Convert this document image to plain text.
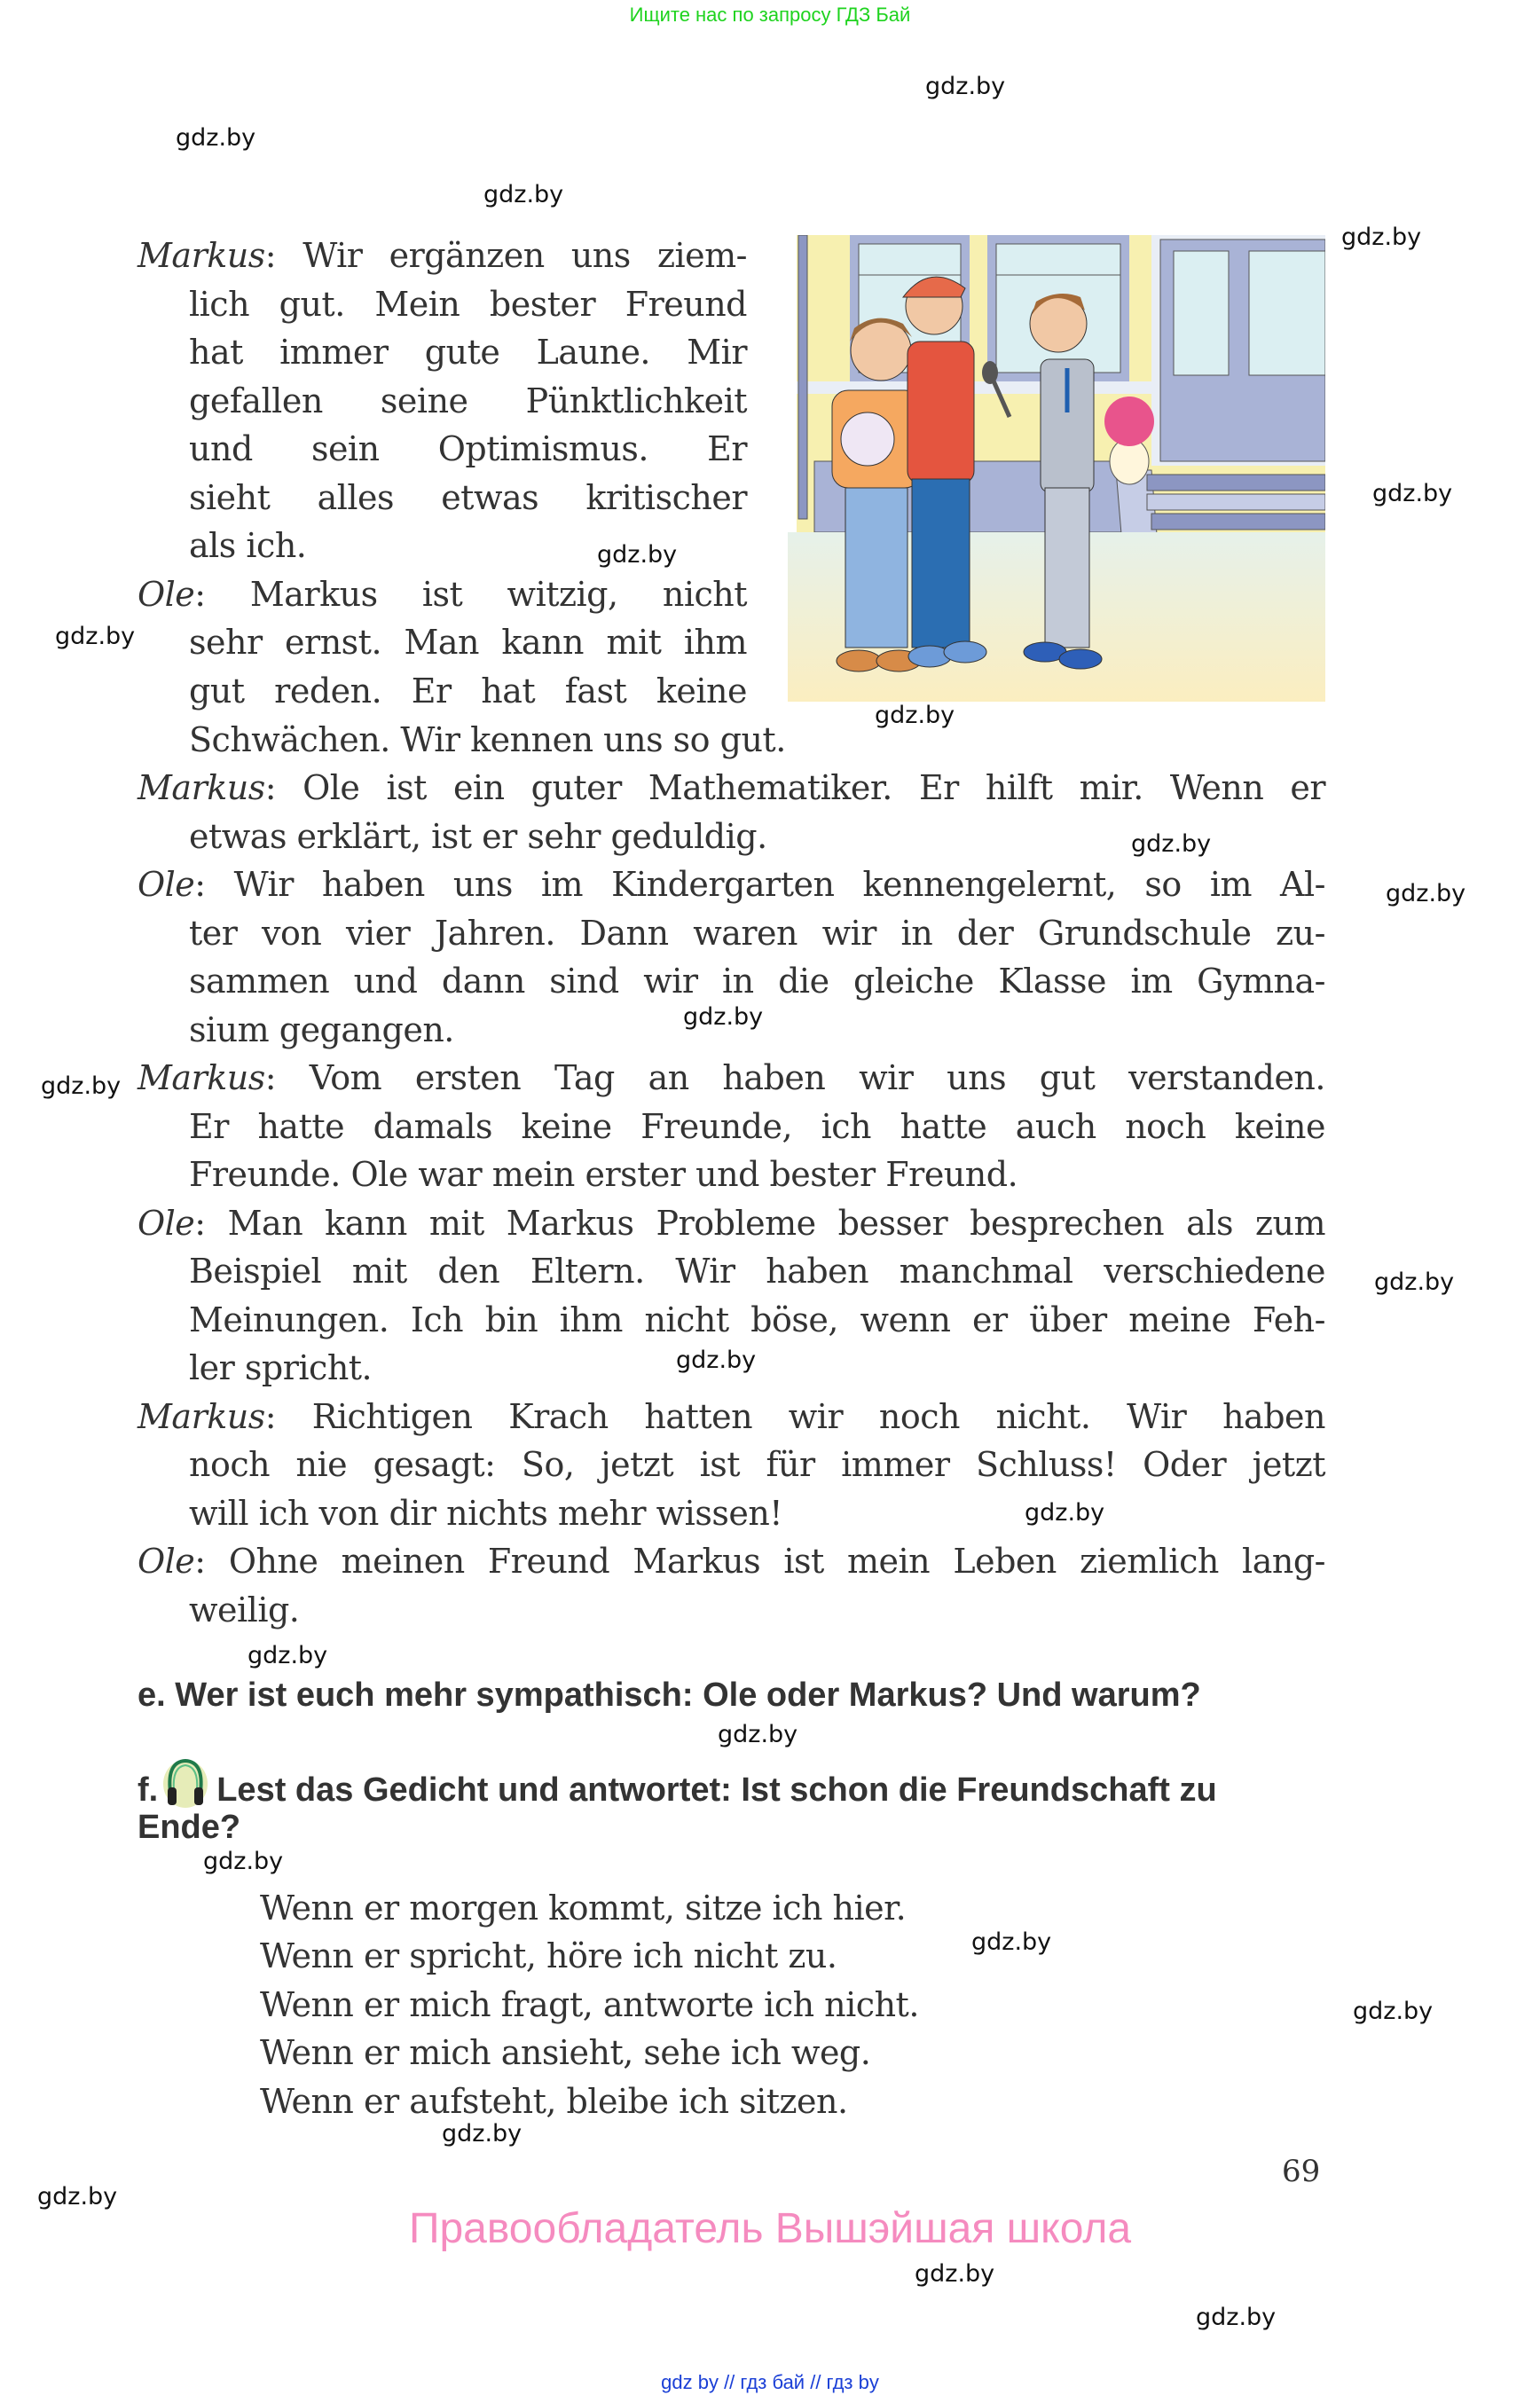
Ищите нас по запросу ГДЗ Бай
gdz.by
gdz.by
gdz.by
gdz.by
gdz.by
gdz.by
gdz.by
gdz.by
gdz.by
gdz.by
gdz.by
gdz.by
gdz.by
gdz.by
gdz.by
gdz.by
gdz.by
gdz.by
gdz.by
gdz.by
gdz.by
gdz.by
gdz.by
gdz.by
Markus: Wir ergänzen uns ziem-
lich gut. Mein bester Freund
hat immer gute Laune. Mir
gefallen seine Pünktlichkeit
und sein Optimismus. Er
sieht alles etwas kritischer
als ich.
Ole: Markus ist witzig, nicht
sehr ernst. Man kann mit ihm
gut reden. Er hat fast keine
Schwächen. Wir kennen uns so gut.
Markus: Ole ist ein guter Mathematiker. Er hilft mir. Wenn er
etwas erklärt, ist er sehr geduldig.
Ole: Wir haben uns im Kindergarten kennengelernt, so im Al-
ter von vier Jahren. Dann waren wir in der Grundschule zu-
sammen und dann sind wir in die gleiche Klasse im Gymna-
sium gegangen.
Markus: Vom ersten Tag an haben wir uns gut verstanden.
Er hatte damals keine Freunde, ich hatte auch noch keine
Freunde. Ole war mein erster und bester Freund.
Ole: Man kann mit Markus Probleme besser besprechen als zum
Beispiel mit den Eltern. Wir haben manchmal verschiedene
Meinungen. Ich bin ihm nicht böse, wenn er über meine Feh-
ler spricht.
Markus: Richtigen Krach hatten wir noch nicht. Wir haben
noch nie gesagt: So, jetzt ist für immer Schluss! Oder jetzt
will ich von dir nichts mehr wissen!
Ole: Ohne meinen Freund Markus ist mein Leben ziemlich lang-
weilig.
e. Wer ist euch mehr sympathisch: Ole oder Markus? Und warum?
f. Lest das Gedicht und antwortet: Ist schon die Freundschaft zu
Ende?
Wenn er morgen kommt, sitze ich hier.
Wenn er spricht, höre ich nicht zu.
Wenn er mich fragt, antworte ich nicht.
Wenn er mich ansieht, sehe ich weg.
Wenn er aufsteht, bleibe ich sitzen.
69
Правообладатель Вышэйшая школа
gdz by // гдз бай // гдз by
